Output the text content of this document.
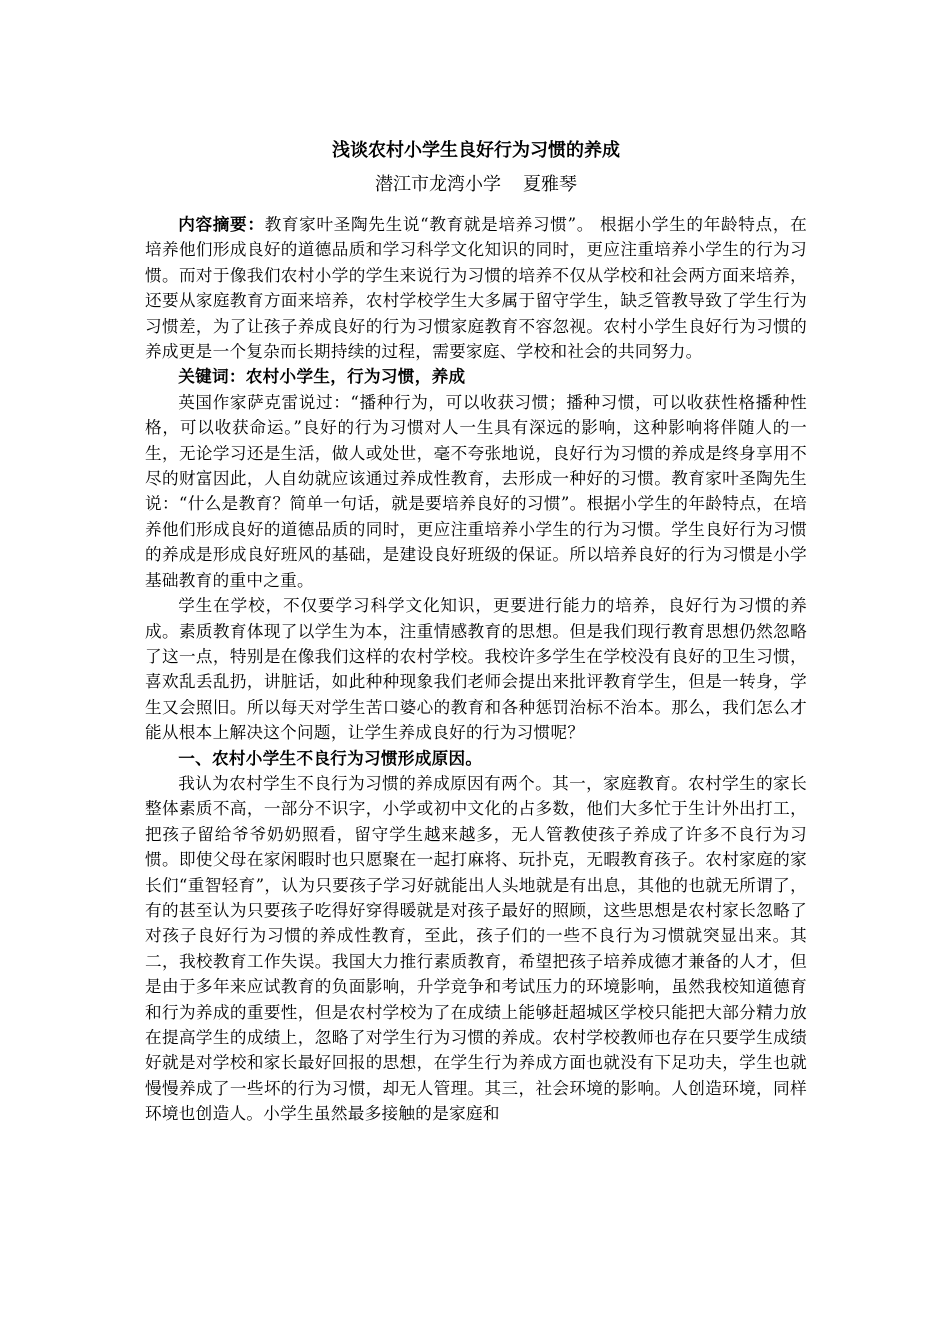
浅谈农村小学生良好行为习惯的养成
潜江市龙湾小学 夏雅琴

内容摘要：教育家叶圣陶先生说“教育就是培养习惯”。 根据小学生的年龄特点，在培养他们形成良好的道德品质和学习科学文化知识的同时，更应注重培养小学生的行为习惯。而对于像我们农村小学的学生来说行为习惯的培养不仅从学校和社会两方面来培养，还要从家庭教育方面来培养，农村学校学生大多属于留守学生，缺乏管教导致了学生行为习惯差，为了让孩子养成良好的行为习惯家庭教育不容忽视。农村小学生良好行为习惯的养成更是一个复杂而长期持续的过程，需要家庭、学校和社会的共同努力。

关键词：农村小学生，行为习惯，养成

英国作家萨克雷说过：“播种行为，可以收获习惯；播种习惯，可以收获性格播种性格，可以收获命运。”良好的行为习惯对人一生具有深远的影响，这种影响将伴随人的一生，无论学习还是生活，做人或处世，毫不夸张地说，良好行为习惯的养成是终身享用不尽的财富因此，人自幼就应该通过养成性教育，去形成一种好的习惯。教育家叶圣陶先生说：“什么是教育？简单一句话，就是要培养良好的习惯”。根据小学生的年龄特点，在培养他们形成良好的道德品质的同时，更应注重培养小学生的行为习惯。学生良好行为习惯的养成是形成良好班风的基础，是建设良好班级的保证。所以培养良好的行为习惯是小学基础教育的重中之重。

学生在学校，不仅要学习科学文化知识，更要进行能力的培养，良好行为习惯的养成。素质教育体现了以学生为本，注重情感教育的思想。但是我们现行教育思想仍然忽略了这一点，特别是在像我们这样的农村学校。我校许多学生在学校没有良好的卫生习惯，喜欢乱丢乱扔，讲脏话，如此种种现象我们老师会提出来批评教育学生，但是一转身，学生又会照旧。所以每天对学生苦口婆心的教育和各种惩罚治标不治本。那么，我们怎么才能从根本上解决这个问题，让学生养成良好的行为习惯呢？

一、农村小学生不良行为习惯形成原因。

我认为农村学生不良行为习惯的养成原因有两个。其一，家庭教育。农村学生的家长整体素质不高，一部分不识字，小学或初中文化的占多数，他们大多忙于生计外出打工，把孩子留给爷爷奶奶照看，留守学生越来越多，无人管教使孩子养成了许多不良行为习惯。即使父母在家闲暇时也只愿聚在一起打麻将、玩扑克，无暇教育孩子。农村家庭的家长们“重智轻育”，认为只要孩子学习好就能出人头地就是有出息，其他的也就无所谓了，有的甚至认为只要孩子吃得好穿得暖就是对孩子最好的照顾，这些思想是农村家长忽略了对孩子良好行为习惯的养成性教育，至此，孩子们的一些不良行为习惯就突显出来。其二，我校教育工作失误。我国大力推行素质教育，希望把孩子培养成德才兼备的人才，但是由于多年来应试教育的负面影响，升学竞争和考试压力的环境影响，虽然我校知道德育和行为养成的重要性，但是农村学校为了在成绩上能够赶超城区学校只能把大部分精力放在提高学生的成绩上，忽略了对学生行为习惯的养成。农村学校教师也存在只要学生成绩好就是对学校和家长最好回报的思想，在学生行为养成方面也就没有下足功夫，学生也就慢慢养成了一些坏的行为习惯，却无人管理。其三，社会环境的影响。人创造环境，同样环境也创造人。小学生虽然最多接触的是家庭和
